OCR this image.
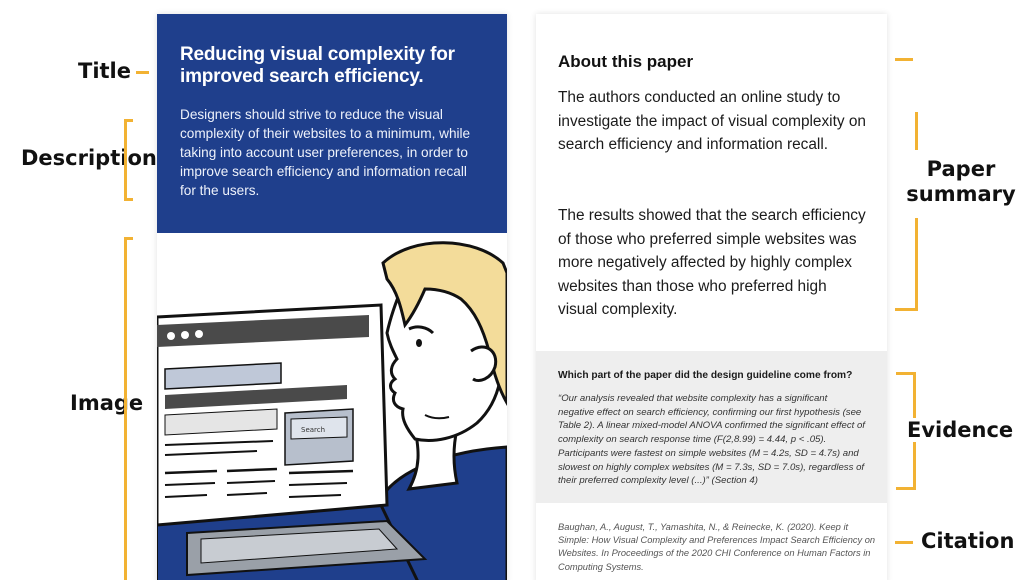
Title
Description
Image
Reducing visual complexity for improved search efficiency.
Designers should strive to reduce the visual complexity of their websites to a minimum, while taking into account user preferences, in order to improve search efficiency and information recall for the users.
Search
About this paper
The authors conducted an online study to investigate the impact of visual complexity on search efficiency and information recall.
The results showed that the search efficiency of those who preferred simple websites was more negatively affected by highly complex websites than those who preferred high visual complexity.
Which part of the paper did the design guideline come from?
“Our analysis revealed that website complexity has a significant negative effect on search efficiency, confirming our first hypothesis (see Table 2). A linear mixed-model ANOVA confirmed the significant effect of complexity on search response time (F(2,8.99) = 4.44, p < .05). Participants were fastest on simple websites (M = 4.2s, SD = 4.7s) and slowest on highly complex websites (M = 7.3s, SD = 7.0s), regardless of their preferred complexity level (...)” (Section 4)
Baughan, A., August, T., Yamashita, N., & Reinecke, K. (2020). Keep it Simple: How Visual Complexity and Preferences Impact Search Efficiency on Websites. In Proceedings of the 2020 CHI Conference on Human Factors in Computing Systems.
Paper
summary
Evidence
Citation
